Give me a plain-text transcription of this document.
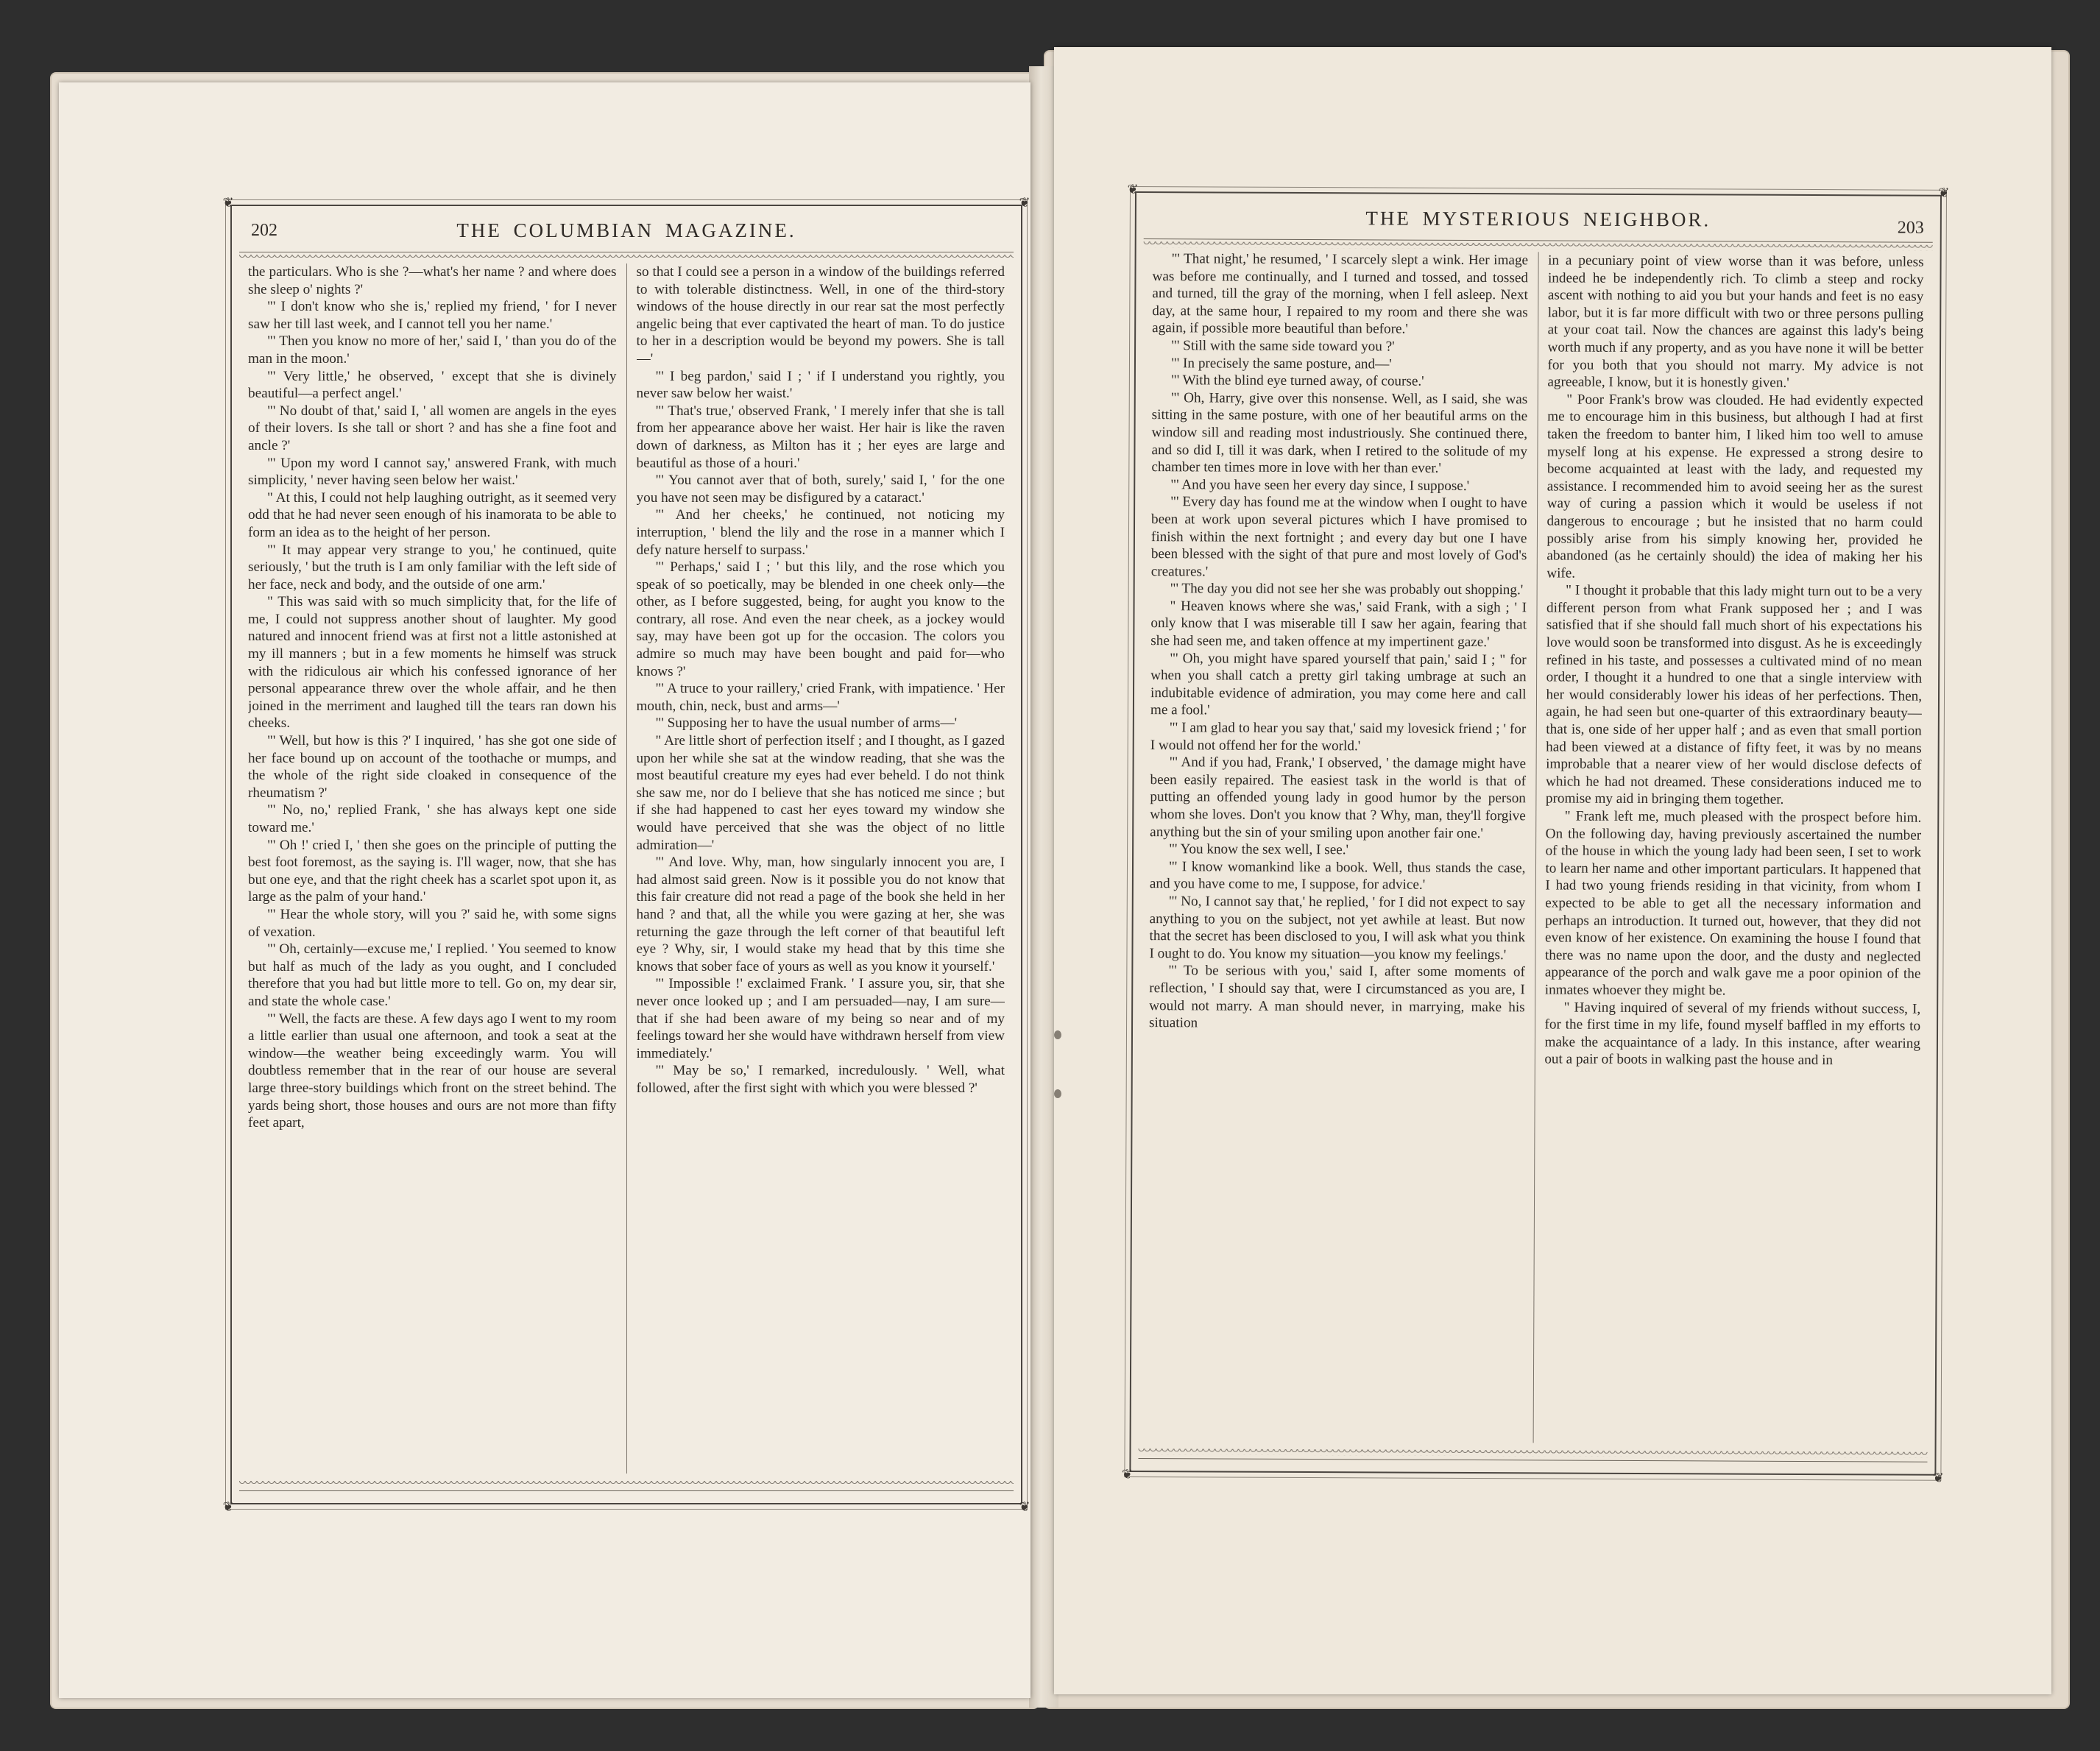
❦	❦
❦	❦
202	THE COLUMBIAN MAGAZINE.

the particulars. Who is she ?—what's her name ? and where does she sleep o' nights ?'

"' I don't know who she is,' replied my friend, ' for I never saw her till last week, and I cannot tell you her name.'

"' Then you know no more of her,' said I, ' than you do of the man in the moon.'

"' Very little,' he observed, ' except that she is divinely beautiful—a perfect angel.'

"' No doubt of that,' said I, ' all women are angels in the eyes of their lovers. Is she tall or short ? and has she a fine foot and ancle ?'

"' Upon my word I cannot say,' answered Frank, with much simplicity, ' never having seen below her waist.'

" At this, I could not help laughing outright, as it seemed very odd that he had never seen enough of his inamorata to be able to form an idea as to the height of her person.

"' It may appear very strange to you,' he continued, quite seriously, ' but the truth is I am only familiar with the left side of her face, neck and body, and the outside of one arm.'

" This was said with so much simplicity that, for the life of me, I could not suppress another shout of laughter. My good natured and innocent friend was at first not a little astonished at my ill manners ; but in a few moments he himself was struck with the ridiculous air which his confessed ignorance of her personal appearance threw over the whole affair, and he then joined in the merriment and laughed till the tears ran down his cheeks.

"' Well, but how is this ?' I inquired, ' has she got one side of her face bound up on account of the toothache or mumps, and the whole of the right side cloaked in consequence of the rheumatism ?'

"' No, no,' replied Frank, ' she has always kept one side toward me.'

"' Oh !' cried I, ' then she goes on the principle of putting the best foot foremost, as the saying is. I'll wager, now, that she has but one eye, and that the right cheek has a scarlet spot upon it, as large as the palm of your hand.'

"' Hear the whole story, will you ?' said he, with some signs of vexation.

"' Oh, certainly—excuse me,' I replied. ' You seemed to know but half as much of the lady as you ought, and I concluded therefore that you had but little more to tell. Go on, my dear sir, and state the whole case.'

"' Well, the facts are these. A few days ago I went to my room a little earlier than usual one afternoon, and took a seat at the window—the weather being exceedingly warm. You will doubtless remember that in the rear of our house are several large three-story buildings which front on the street behind. The yards being short, those houses and ours are not more than fifty feet apart,

so that I could see a person in a window of the buildings referred to with tolerable distinctness. Well, in one of the third-story windows of the house directly in our rear sat the most perfectly angelic being that ever captivated the heart of man. To do justice to her in a description would be beyond my powers. She is tall—'

"' I beg pardon,' said I ; ' if I understand you rightly, you never saw below her waist.'

"' That's true,' observed Frank, ' I merely infer that she is tall from her appearance above her waist. Her hair is like the raven down of darkness, as Milton has it ; her eyes are large and beautiful as those of a houri.'

"' You cannot aver that of both, surely,' said I, ' for the one you have not seen may be disfigured by a cataract.'

"' And her cheeks,' he continued, not noticing my interruption, ' blend the lily and the rose in a manner which I defy nature herself to surpass.'

"' Perhaps,' said I ; ' but this lily, and the rose which you speak of so poetically, may be blended in one cheek only—the other, as I before suggested, being, for aught you know to the contrary, all rose. And even the near cheek, as a jockey would say, may have been got up for the occasion. The colors you admire so much may have been bought and paid for—who knows ?'

"' A truce to your raillery,' cried Frank, with impatience. ' Her mouth, chin, neck, bust and arms—'

"' Supposing her to have the usual number of arms—'

" Are little short of perfection itself ; and I thought, as I gazed upon her while she sat at the window reading, that she was the most beautiful creature my eyes had ever beheld. I do not think she saw me, nor do I believe that she has noticed me since ; but if she had happened to cast her eyes toward my window she would have perceived that she was the object of no little admiration—'

"' And love. Why, man, how singularly innocent you are, I had almost said green. Now is it possible you do not know that this fair creature did not read a page of the book she held in her hand ? and that, all the while you were gazing at her, she was returning the gaze through the left corner of that beautiful left eye ? Why, sir, I would stake my head that by this time she knows that sober face of yours as well as you know it yourself.'

"' Impossible !' exclaimed Frank. ' I assure you, sir, that she never once looked up ; and I am persuaded—nay, I am sure—that if she had been aware of my being so near and of my feelings toward her she would have withdrawn herself from view immediately.'

"' May be so,' I remarked, incredulously. ' Well, what followed, after the first sight with which you were blessed ?'

❦	❦
❦	❦
THE MYSTERIOUS NEIGHBOR.	203

"' That night,' he resumed, ' I scarcely slept a wink. Her image was before me continually, and I turned and tossed, and tossed and turned, till the gray of the morning, when I fell asleep. Next day, at the same hour, I repaired to my room and there she was again, if possible more beautiful than before.'

"' Still with the same side toward you ?'

"' In precisely the same posture, and—'

"' With the blind eye turned away, of course.'

"' Oh, Harry, give over this nonsense. Well, as I said, she was sitting in the same posture, with one of her beautiful arms on the window sill and reading most industriously. She continued there, and so did I, till it was dark, when I retired to the solitude of my chamber ten times more in love with her than ever.'

"' And you have seen her every day since, I suppose.'

"' Every day has found me at the window when I ought to have been at work upon several pictures which I have promised to finish within the next fortnight ; and every day but one I have been blessed with the sight of that pure and most lovely of God's creatures.'

"' The day you did not see her she was probably out shopping.'

" Heaven knows where she was,' said Frank, with a sigh ; ' I only know that I was miserable till I saw her again, fearing that she had seen me, and taken offence at my impertinent gaze.'

"' Oh, you might have spared yourself that pain,' said I ; " for when you shall catch a pretty girl taking umbrage at such an indubitable evidence of admiration, you may come here and call me a fool.'

"' I am glad to hear you say that,' said my lovesick friend ; ' for I would not offend her for the world.'

"' And if you had, Frank,' I observed, ' the damage might have been easily repaired. The easiest task in the world is that of putting an offended young lady in good humor by the person whom she loves. Don't you know that ? Why, man, they'll forgive anything but the sin of your smiling upon another fair one.'

"' You know the sex well, I see.'

"' I know womankind like a book. Well, thus stands the case, and you have come to me, I suppose, for advice.'

"' No, I cannot say that,' he replied, ' for I did not expect to say anything to you on the subject, not yet awhile at least. But now that the secret has been disclosed to you, I will ask what you think I ought to do. You know my situation—you know my feelings.'

"' To be serious with you,' said I, after some moments of reflection, ' I should say that, were I circumstanced as you are, I would not marry. A man should never, in marrying, make his situation

in a pecuniary point of view worse than it was before, unless indeed he be independently rich. To climb a steep and rocky ascent with nothing to aid you but your hands and feet is no easy labor, but it is far more difficult with two or three persons pulling at your coat tail. Now the chances are against this lady's being worth much if any property, and as you have none it will be better for you both that you should not marry. My advice is not agreeable, I know, but it is honestly given.'

" Poor Frank's brow was clouded. He had evidently expected me to encourage him in this business, but although I had at first taken the freedom to banter him, I liked him too well to amuse myself long at his expense. He expressed a strong desire to become acquainted at least with the lady, and requested my assistance. I recommended him to avoid seeing her as the surest way of curing a passion which it would be useless if not dangerous to encourage ; but he insisted that no harm could possibly arise from his simply knowing her, provided he abandoned (as he certainly should) the idea of making her his wife.

" I thought it probable that this lady might turn out to be a very different person from what Frank supposed her ; and I was satisfied that if she should fall much short of his expectations his love would soon be transformed into disgust. As he is exceedingly refined in his taste, and possesses a cultivated mind of no mean order, I thought it a hundred to one that a single interview with her would considerably lower his ideas of her perfections. Then, again, he had seen but one-quarter of this extraordinary beauty—that is, one side of her upper half ; and as even that small portion had been viewed at a distance of fifty feet, it was by no means improbable that a nearer view of her would disclose defects of which he had not dreamed. These considerations induced me to promise my aid in bringing them together.

" Frank left me, much pleased with the prospect before him. On the following day, having previously ascertained the number of the house in which the young lady had been seen, I set to work to learn her name and other important particulars. It happened that I had two young friends residing in that vicinity, from whom I expected to be able to get all the necessary information and perhaps an introduction. It turned out, however, that they did not even know of her existence. On examining the house I found that there was no name upon the door, and the dusty and neglected appearance of the porch and walk gave me a poor opinion of the inmates whoever they might be.

" Having inquired of several of my friends without success, I, for the first time in my life, found myself baffled in my efforts to make the acquaintance of a lady. In this instance, after wearing out a pair of boots in walking past the house and in
